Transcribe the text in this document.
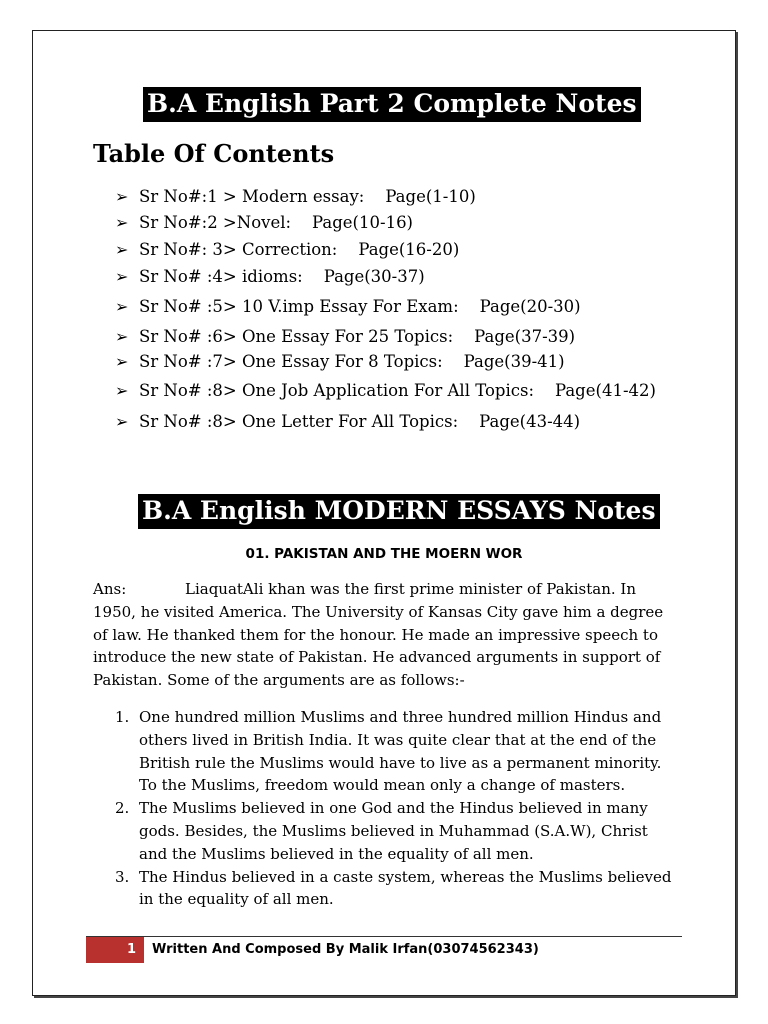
B.A English Part 2 Complete Notes
Table Of Contents
➢ Sr No#:1 > Modern essay:    Page(1-10)
➢ Sr No#:2 >Novel:    Page(10-16)
➢ Sr No#: 3> Correction:    Page(16-20)
➢ Sr No# :4> idioms:    Page(30-37)
➢ Sr No# :5> 10 V.imp Essay For Exam:    Page(20-30)
➢ Sr No# :6> One Essay For 25 Topics:    Page(37-39)
➢ Sr No# :7> One Essay For 8 Topics:    Page(39-41)
➢ Sr No# :8> One Job Application For All Topics:    Page(41-42)
➢ Sr No# :8> One Letter For All Topics:    Page(43-44)
B.A English MODERN ESSAYS Notes
01. PAKISTAN AND THE MOERN WOR
Ans:	LiaquatAli khan was the first prime minister of Pakistan. In 1950, he visited America. The University of Kansas City gave him a degree of law. He thanked them for the honour. He made an impressive speech to introduce the new state of Pakistan. He advanced arguments in support of Pakistan. Some of the arguments are as follows:-
1. One hundred million Muslims and three hundred million Hindus and others lived in British India. It was quite clear that at the end of the British rule the Muslims would have to live as a permanent minority. To the Muslims, freedom would mean only a change of masters.
2. The Muslims believed in one God and the Hindus believed in many gods. Besides, the Muslims believed in Muhammad (S.A.W), Christ and the Muslims believed in the equality of all men.
3. The Hindus believed in a caste system, whereas the Muslims believed in the equality of all men.
1	Written And Composed By Malik Irfan(03074562343)
